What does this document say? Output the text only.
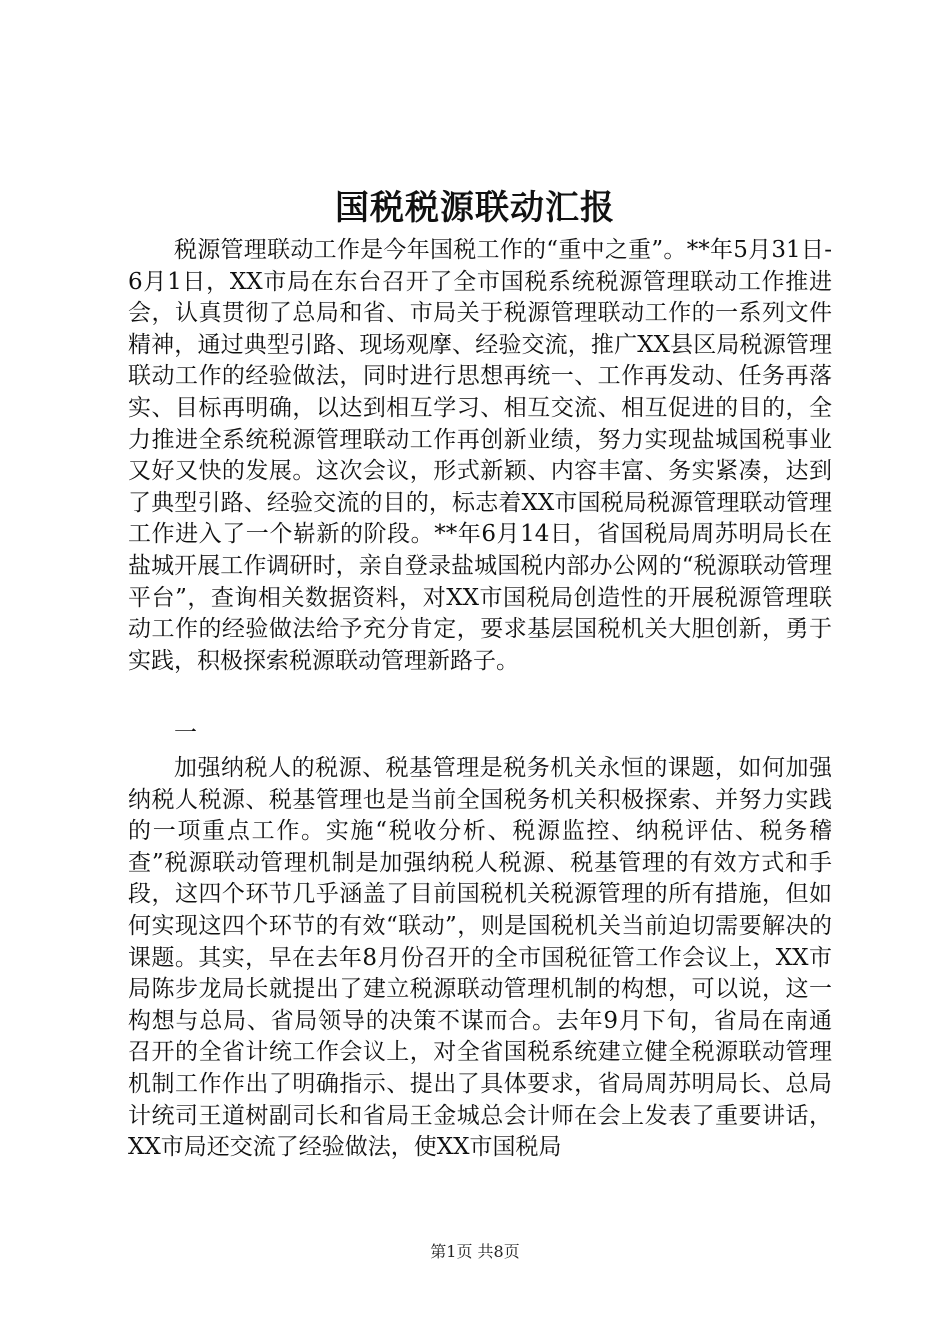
国税税源联动汇报

税源管理联动工作是今年国税工作的“重中之重”。**年5月31日-6月1日，XX市局在东台召开了全市国税系统税源管理联动工作推进会，认真贯彻了总局和省、市局关于税源管理联动工作的一系列文件精神，通过典型引路、现场观摩、经验交流，推广XX县区局税源管理联动工作的经验做法，同时进行思想再统一、工作再发动、任务再落实、目标再明确，以达到相互学习、相互交流、相互促进的目的，全力推进全系统税源管理联动工作再创新业绩，努力实现盐城国税事业又好又快的发展。这次会议，形式新颖、内容丰富、务实紧凑，达到了典型引路、经验交流的目的，标志着XX市国税局税源管理联动管理工作进入了一个崭新的阶段。**年6月14日，省国税局周苏明局长在盐城开展工作调研时，亲自登录盐城国税内部办公网的“税源联动管理平台”，查询相关数据资料，对XX市国税局创造性的开展税源管理联动工作的经验做法给予充分肯定，要求基层国税机关大胆创新，勇于实践，积极探索税源联动管理新路子。

一

加强纳税人的税源、税基管理是税务机关永恒的课题，如何加强纳税人税源、税基管理也是当前全国税务机关积极探索、并努力实践的一项重点工作。实施“税收分析、税源监控、纳税评估、税务稽查”税源联动管理机制是加强纳税人税源、税基管理的有效方式和手段，这四个环节几乎涵盖了目前国税机关税源管理的所有措施，但如何实现这四个环节的有效“联动”，则是国税机关当前迫切需要解决的课题。其实，早在去年8月份召开的全市国税征管工作会议上，XX市局陈步龙局长就提出了建立税源联动管理机制的构想，可以说，这一构想与总局、省局领导的决策不谋而合。去年9月下旬，省局在南通召开的全省计统工作会议上，对全省国税系统建立健全税源联动管理机制工作作出了明确指示、提出了具体要求，省局周苏明局长、总局计统司王道树副司长和省局王金城总会计师在会上发表了重要讲话，XX市局还交流了经验做法，使XX市国税局

第1页 共8页
